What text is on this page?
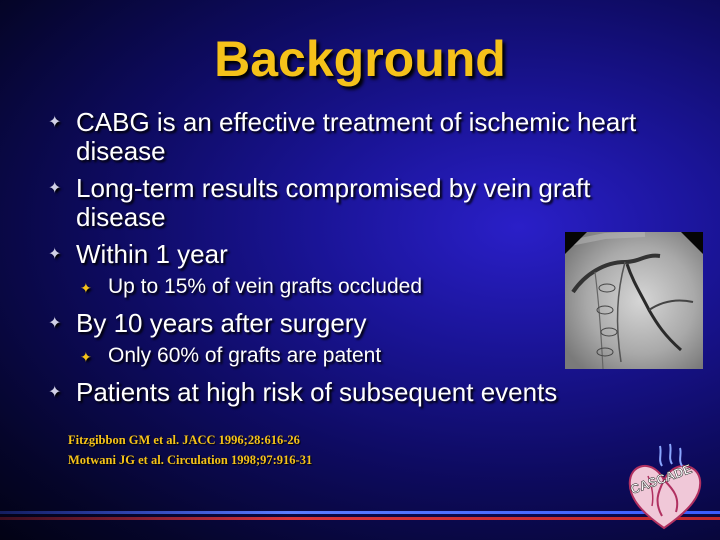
Background
✦ CABG is an effective treatment of ischemic heart disease
✦ Long-term results compromised by vein graft disease
✦ Within 1 year
✦ Up to 15% of vein grafts occluded
✦ By 10 years after surgery
✦ Only 60% of grafts are patent
✦ Patients at high risk of subsequent events
CASCADE
Fitzgibbon GM et al. JACC 1996;28:616-26
Motwani JG et al. Circulation 1998;97:916-31
